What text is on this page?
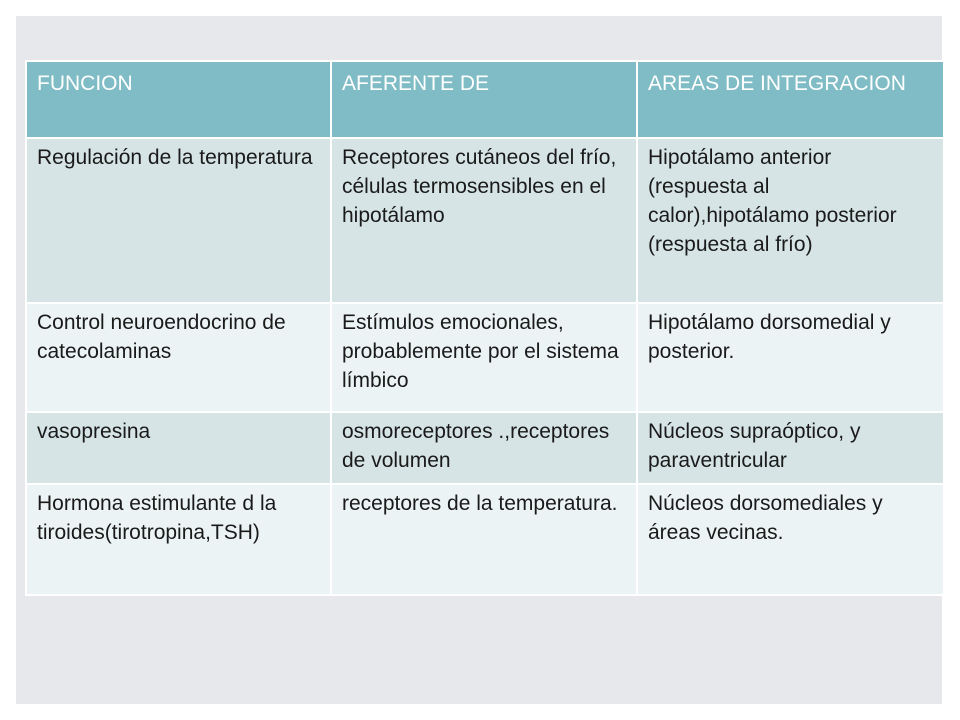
FUNCION	AFERENTE DE	AREAS DE INTEGRACION
Regulación de la temperatura	Receptores cutáneos del frío, células termosensibles en el hipotálamo	Hipotálamo anterior (respuesta al calor),hipotálamo posterior (respuesta al frío)
Control neuroendocrino de catecolaminas	Estímulos emocionales, probablemente por el sistema límbico	Hipotálamo dorsomedial y posterior.
vasopresina	osmoreceptores .,receptores de volumen	Núcleos supraóptico, y paraventricular
Hormona estimulante d la tiroides(tirotropina,TSH)	receptores de la temperatura.	Núcleos dorsomediales y áreas vecinas.
